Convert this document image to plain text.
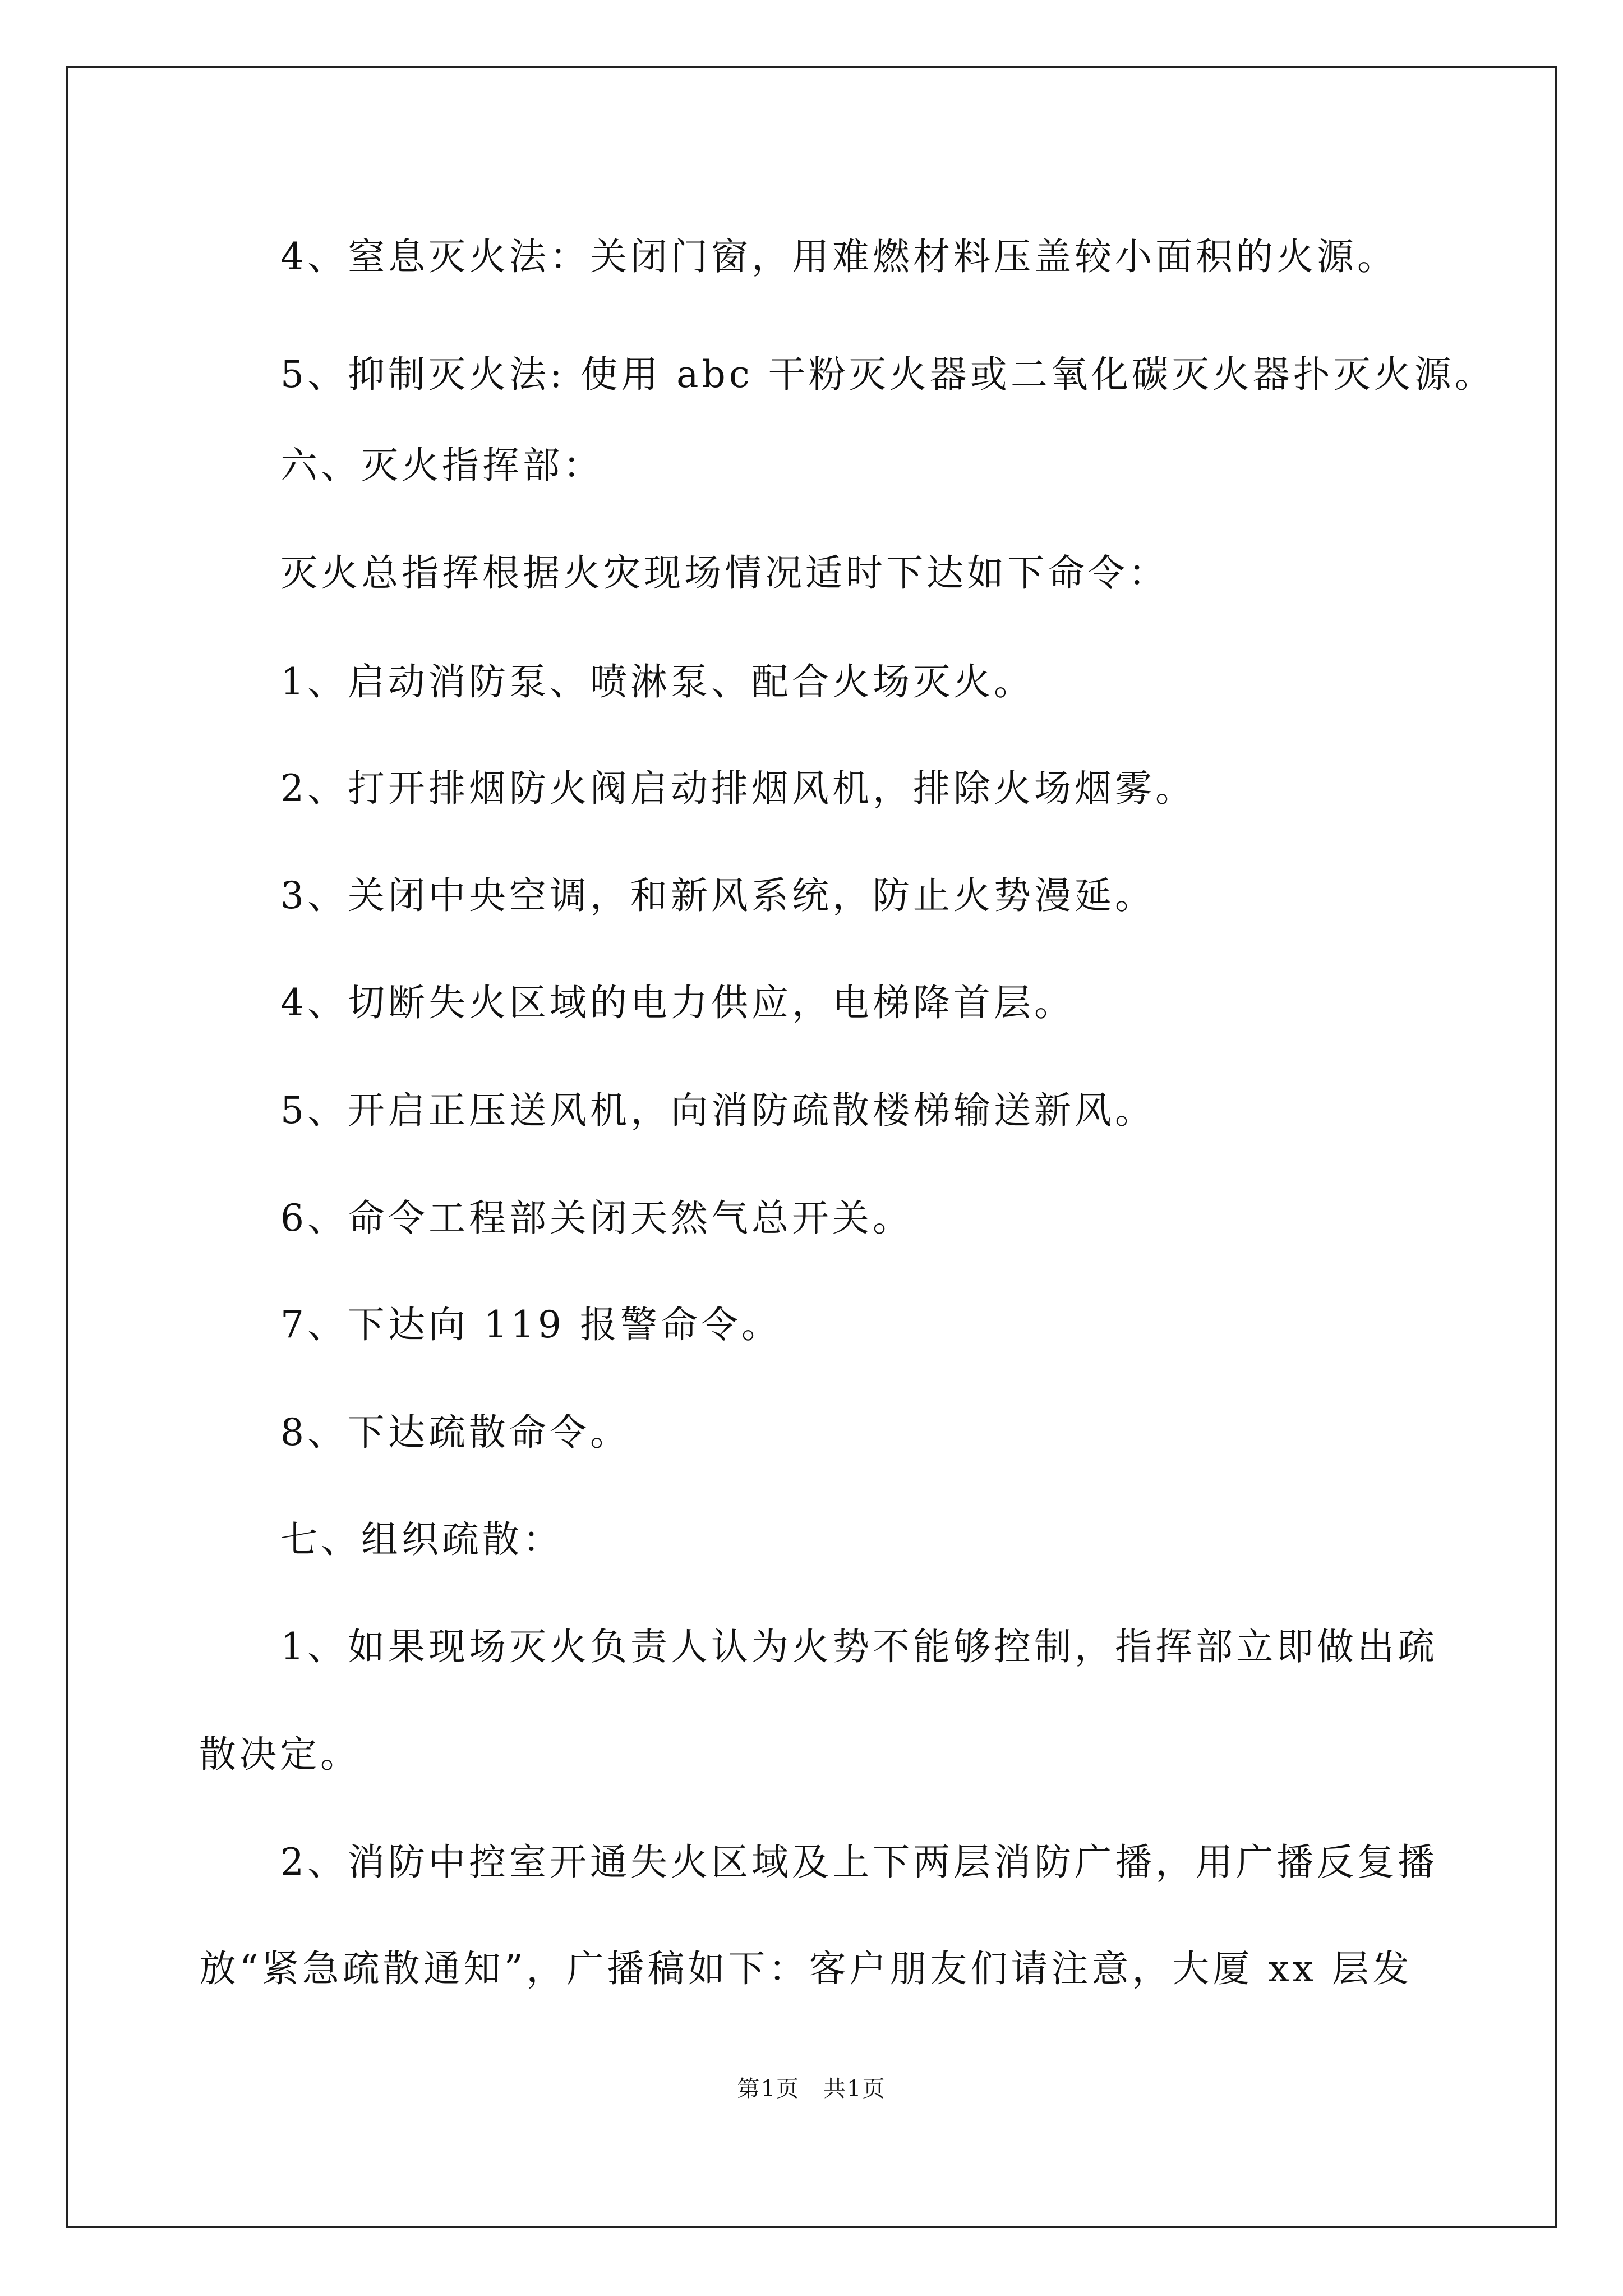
4、窒息灭火法：关闭门窗，用难燃材料压盖较小面积的火源。
5、抑制灭火法: 使用 abc 干粉灭火器或二氧化碳灭火器扑灭火源。
六、灭火指挥部：
灭火总指挥根据火灾现场情况适时下达如下命令：
1、启动消防泵、喷淋泵、配合火场灭火。
2、打开排烟防火阀启动排烟风机，排除火场烟雾。
3、关闭中央空调，和新风系统，防止火势漫延。
4、切断失火区域的电力供应，电梯降首层。
5、开启正压送风机，向消防疏散楼梯输送新风。
6、命令工程部关闭天然气总开关。
7、下达向 119 报警命令。
8、下达疏散命令。
七、组织疏散：
1、如果现场灭火负责人认为火势不能够控制，指挥部立即做出疏
散决定。
2、消防中控室开通失火区域及上下两层消防广播，用广播反复播
放“紧急疏散通知”，广播稿如下：客户朋友们请注意，大厦 xx 层发
第1页　共1页
